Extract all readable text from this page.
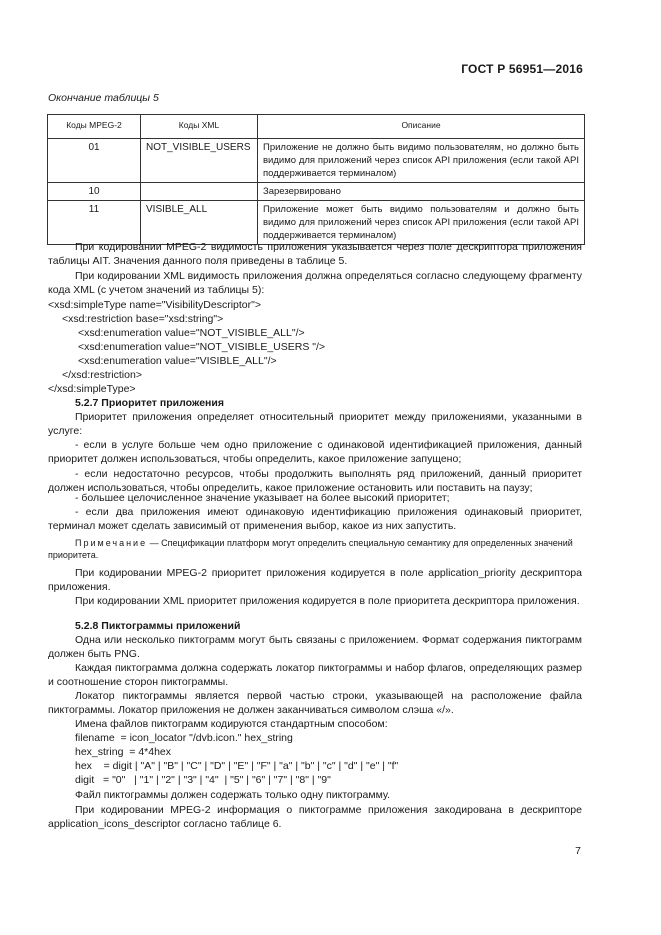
ГОСТ Р 56951—2016
Окончание таблицы 5
Коды MPEG-2	Коды XML	Описание
01	NOT_VISIBLE_USERS	Приложение не должно быть видимо пользователям, но должно быть видимо для приложений через список API приложения (если такой API поддерживается терминалом)
10		Зарезервировано
11	VISIBLE_ALL	Приложение может быть видимо пользователям и должно быть видимо для приложений через список API приложения (если такой API поддерживается терминалом)
При кодировании MPEG-2 видимость приложения указывается через поле дескриптора приложения таблицы AIT. Значения данного поля приведены в таблице 5.
При кодировании XML видимость приложения должна определяться согласно следующему фрагменту кода XML (с учетом значений из таблицы 5):
<xsd:simpleType name="VisibilityDescriptor">
<xsd:restriction base="xsd:string">
<xsd:enumeration value="NOT_VISIBLE_ALL"/>
<xsd:enumeration value="NOT_VISIBLE_USERS "/>
<xsd:enumeration value="VISIBLE_ALL"/>
</xsd:restriction>
</xsd:simpleType>
5.2.7 Приоритет приложения
Приоритет приложения определяет относительный приоритет между приложениями, указанными в услуге:
- если в услуге больше чем одно приложение с одинаковой идентификацией приложения, данный приоритет должен использоваться, чтобы определить, какое приложение запущено;
- если недостаточно ресурсов, чтобы продолжить выполнять ряд приложений, данный приоритет должен использоваться, чтобы определить, какое приложение остановить или поставить на паузу;
- большее целочисленное значение указывает на более высокий приоритет;
- если два приложения имеют одинаковую идентификацию приложения одинаковый приоритет, терминал может сделать зависимый от применения выбор, какое из них запустить.
Примечание — Спецификации платформ могут определить специальную семантику для определенных значений приоритета.
При кодировании MPEG-2 приоритет приложения кодируется в поле application_priority дескриптора приложения.
При кодировании XML приоритет приложения кодируется в поле приоритета дескриптора приложения.
5.2.8 Пиктограммы приложений
Одна или несколько пиктограмм могут быть связаны с приложением. Формат содержания пиктограмм должен быть PNG.
Каждая пиктограмма должна содержать локатор пиктограммы и набор флагов, определяющих размер и соотношение сторон пиктограммы.
Локатор пиктограммы является первой частью строки, указывающей на расположение файла пиктограммы. Локатор приложения не должен заканчиваться символом слэша «/».
Имена файлов пиктограмм кодируются стандартным способом:
filename  = icon_locator "/dvb.icon." hex_string
hex_string  = 4*4hex
hex    = digit | "A" | "B" | "C" | "D" | "E" | "F" | "a" | "b" | "c" | "d" | "e" | "f"
digit   = "0"   | "1" | "2" | "3" | "4"  | "5" | "6" | "7" | "8" | "9"
Файл пиктограммы должен содержать только одну пиктограмму.
При кодировании MPEG-2 информация о пиктограмме приложения закодирована в дескрипторе application_icons_descriptor согласно таблице 6.
7
